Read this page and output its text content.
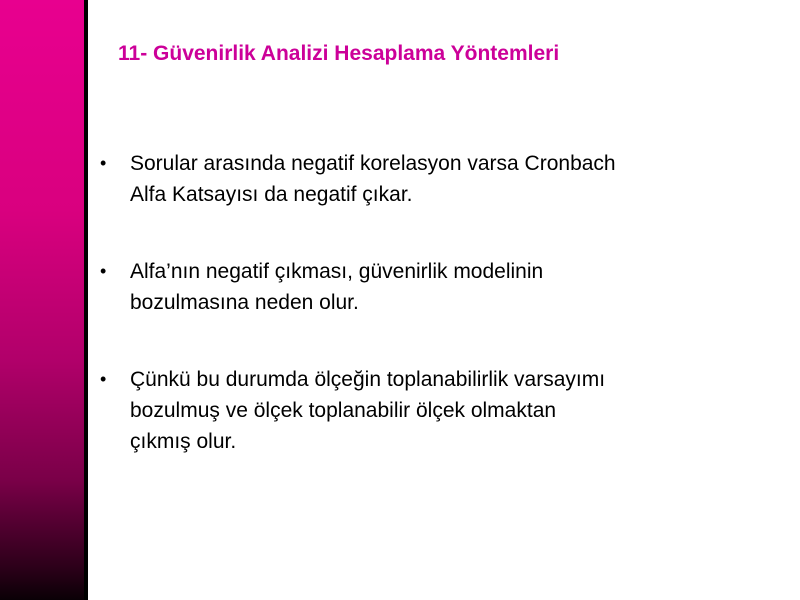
11- Güvenirlik Analizi Hesaplama Yöntemleri
• Sorular arasında negatif korelasyon varsa Cronbach
Alfa Katsayısı da negatif çıkar.
• Alfa’nın negatif çıkması, güvenirlik modelinin
bozulmasına neden olur.
• Çünkü bu durumda ölçeğin toplanabilirlik varsayımı
bozulmuş ve ölçek toplanabilir ölçek olmaktan
çıkmış olur.
